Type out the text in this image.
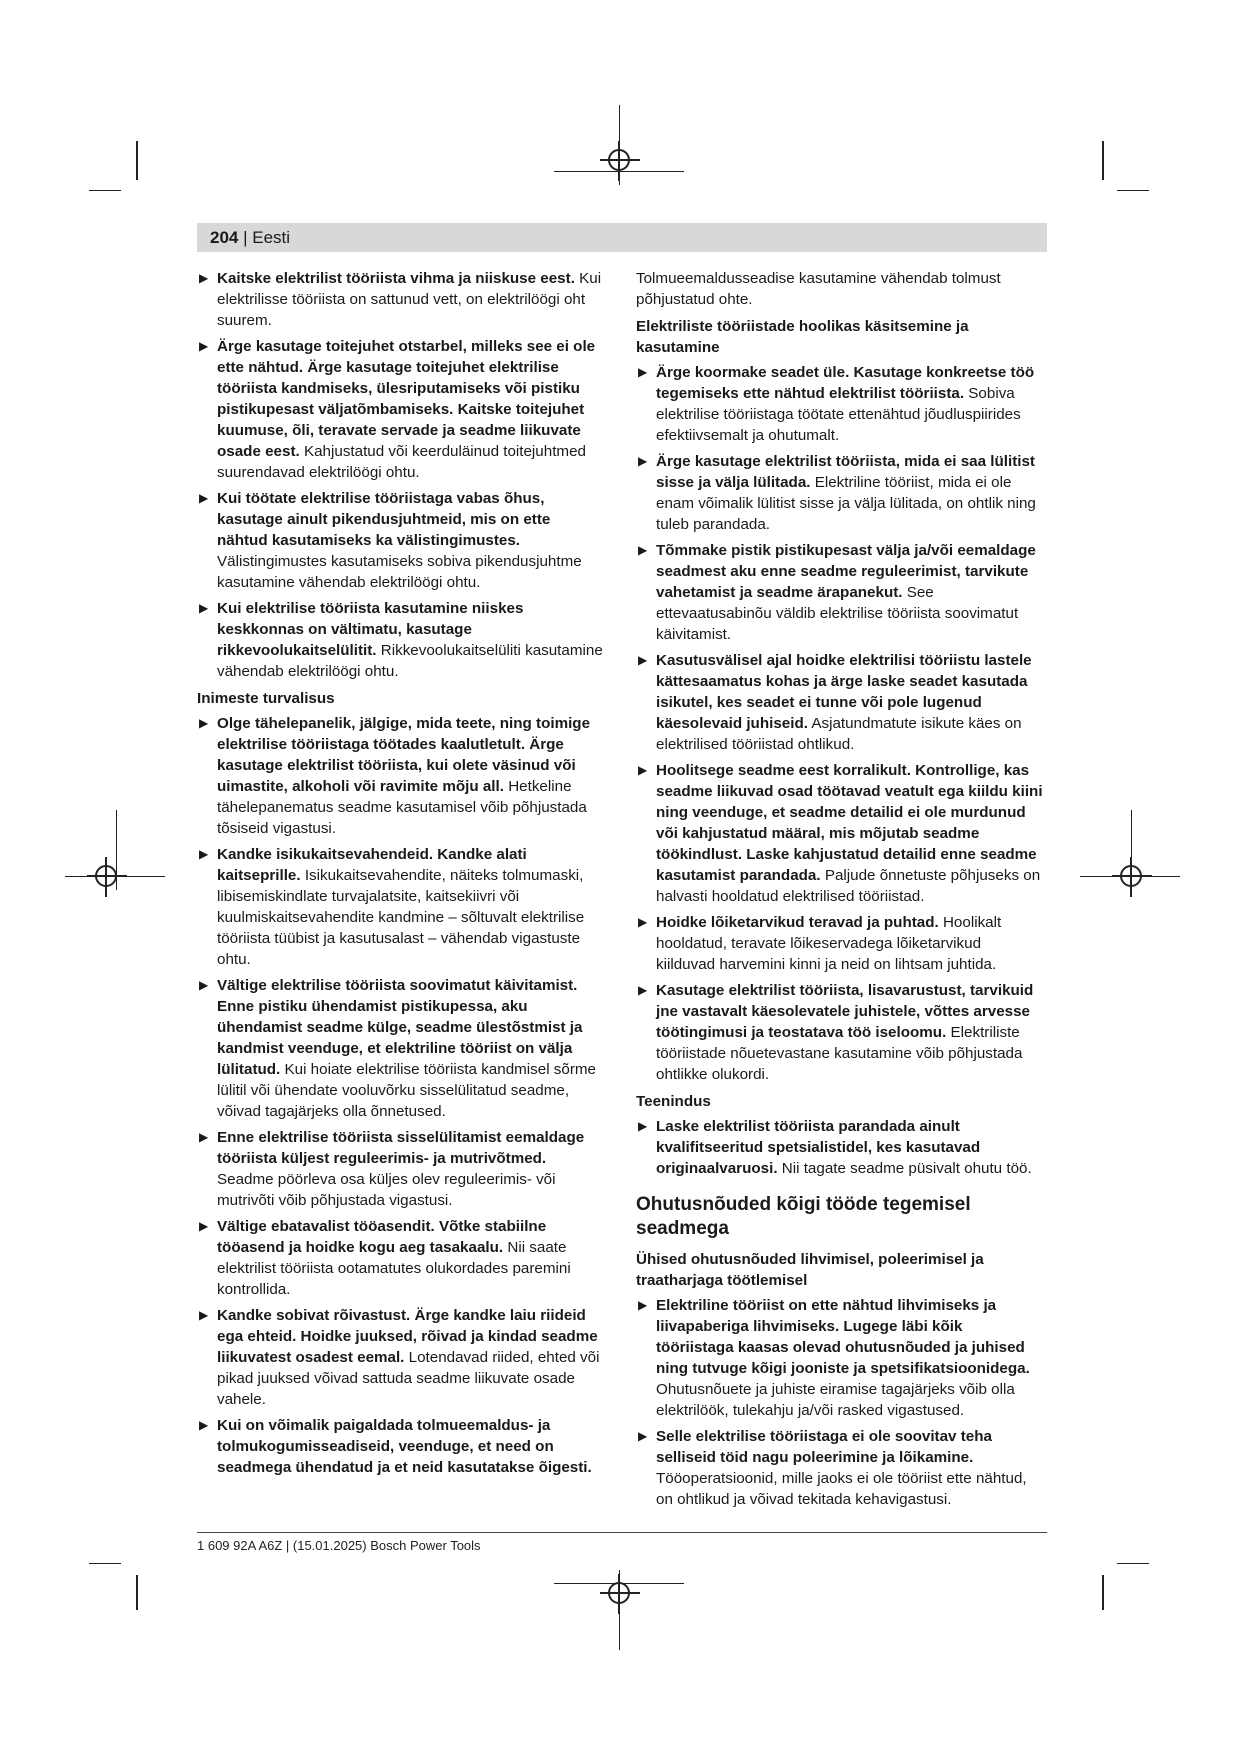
204 | Eesti
▶ Kaitske elektrilist tööriista vihma ja niiskuse eest. Kui elektrilisse tööriista on sattunud vett, on elektrilöögi oht suurem.
▶ Ärge kasutage toitejuhet otstarbel, milleks see ei ole ette nähtud. Ärge kasutage toitejuhet elektrilise tööriista kandmiseks, ülesriputamiseks või pistiku pistikupesast väljatõmbamiseks. Kaitske toitejuhet kuumuse, õli, teravate servade ja seadme liikuvate osade eest. Kahjustatud või keerduläinud toitejuhtmed suurendavad elektrilöögi ohtu.
▶ Kui töötate elektrilise tööriistaga vabas õhus, kasutage ainult pikendusjuhtmeid, mis on ette nähtud kasutamiseks ka välistingimustes. Välistingimustes kasutamiseks sobiva pikendusjuhtme kasutamine vähendab elektrilöögi ohtu.
▶ Kui elektrilise tööriista kasutamine niiskes keskkonnas on vältimatu, kasutage rikkevoolukaitselülitit. Rikkevoolukaitselüliti kasutamine vähendab elektrilöögi ohtu.
Inimeste turvalisus
▶ Olge tähelepanelik, jälgige, mida teete, ning toimige elektrilise tööriistaga töötades kaalutletult. Ärge kasutage elektrilist tööriista, kui olete väsinud või uimastite, alkoholi või ravimite mõju all. Hetkeline tähelepanematus seadme kasutamisel võib põhjustada tõsiseid vigastusi.
▶ Kandke isikukaitsevahendeid. Kandke alati kaitseprille. Isikukaitsevahendite, näiteks tolmumaski, libisemiskindlate turvajalatsite, kaitsekiivri või kuulmiskaitsevahendite kandmine – sõltuvalt elektrilise tööriista tüübist ja kasutusalast – vähendab vigastuste ohtu.
▶ Vältige elektrilise tööriista soovimatut käivitamist. Enne pistiku ühendamist pistikupessa, aku ühendamist seadme külge, seadme ülestõstmist ja kandmist veenduge, et elektriline tööriist on välja lülitatud. Kui hoiate elektrilise tööriista kandmisel sõrme lülitil või ühendate vooluvõrku sisselülitatud seadme, võivad tagajärjeks olla õnnetused.
▶ Enne elektrilise tööriista sisselülitamist eemaldage tööriista küljest reguleerimis- ja mutrivõtmed. Seadme pöörleva osa küljes olev reguleerimis- või mutrivõti võib põhjustada vigastusi.
▶ Vältige ebatavalist tööasendit. Võtke stabiilne tööasend ja hoidke kogu aeg tasakaalu. Nii saate elektrilist tööriista ootamatutes olukordades paremini kontrollida.
▶ Kandke sobivat rõivastust. Ärge kandke laiu riideid ega ehteid. Hoidke juuksed, rõivad ja kindad seadme liikuvatest osadest eemal. Lotendavad riided, ehted või pikad juuksed võivad sattuda seadme liikuvate osade vahele.
▶ Kui on võimalik paigaldada tolmueemaldus- ja tolmukogumisseadiseid, veenduge, et need on seadmega ühendatud ja et neid kasutatakse õigesti.
Tolmueemaldusseadise kasutamine vähendab tolmust põhjustatud ohte.
Elektriliste tööriistade hoolikas käsitsemine ja kasutamine
▶ Ärge koormake seadet üle. Kasutage konkreetse töö tegemiseks ette nähtud elektrilist tööriista. Sobiva elektrilise tööriistaga töötate ettenähtud jõudluspiirides efektiivsemalt ja ohutumalt.
▶ Ärge kasutage elektrilist tööriista, mida ei saa lülitist sisse ja välja lülitada. Elektriline tööriist, mida ei ole enam võimalik lülitist sisse ja välja lülitada, on ohtlik ning tuleb parandada.
▶ Tõmmake pistik pistikupesast välja ja/või eemaldage seadmest aku enne seadme reguleerimist, tarvikute vahetamist ja seadme ärapanekut. See ettevaatusabinõu väldib elektrilise tööriista soovimatut käivitamist.
▶ Kasutusvälisel ajal hoidke elektrilisi tööriistu lastele kättesaamatus kohas ja ärge laske seadet kasutada isikutel, kes seadet ei tunne või pole lugenud käesolevaid juhiseid. Asjatundmatute isikute käes on elektrilised tööriistad ohtlikud.
▶ Hoolitsege seadme eest korralikult. Kontrollige, kas seadme liikuvad osad töötavad veatult ega kiildu kiini ning veenduge, et seadme detailid ei ole murdunud või kahjustatud määral, mis mõjutab seadme töökindlust. Laske kahjustatud detailid enne seadme kasutamist parandada. Paljude õnnetuste põhjuseks on halvasti hooldatud elektrilised tööriistad.
▶ Hoidke lõiketarvikud teravad ja puhtad. Hoolikalt hooldatud, teravate lõikeservadega lõiketarvikud kiilduvad harvemini kinni ja neid on lihtsam juhtida.
▶ Kasutage elektrilist tööriista, lisavarustust, tarvikuid jne vastavalt käesolevatele juhistele, võttes arvesse töötingimusi ja teostatava töö iseloomu. Elektriliste tööriistade nõuetevastane kasutamine võib põhjustada ohtlikke olukordi.
Teenindus
▶ Laske elektrilist tööriista parandada ainult kvalifitseeritud spetsialistidel, kes kasutavad originaalvaruosi. Nii tagate seadme püsivalt ohutu töö.
Ohutusnõuded kõigi tööde tegemisel seadmega
Ühised ohutusnõuded lihvimisel, poleerimisel ja traatharjaga töötlemisel
▶ Elektriline tööriist on ette nähtud lihvimiseks ja liivapaberiga lihvimiseks. Lugege läbi kõik tööriistaga kaasas olevad ohutusnõuded ja juhised ning tutvuge kõigi jooniste ja spetsifikatsioonidega. Ohutusnõuete ja juhiste eiramise tagajärjeks võib olla elektrilöök, tulekahju ja/või rasked vigastused.
▶ Selle elektrilise tööriistaga ei ole soovitav teha selliseid töid nagu poleerimine ja lõikamine. Tööoperatsioonid, mille jaoks ei ole tööriist ette nähtud, on ohtlikud ja võivad tekitada kehavigastusi.
1 609 92A A6Z | (15.01.2025) Bosch Power Tools
